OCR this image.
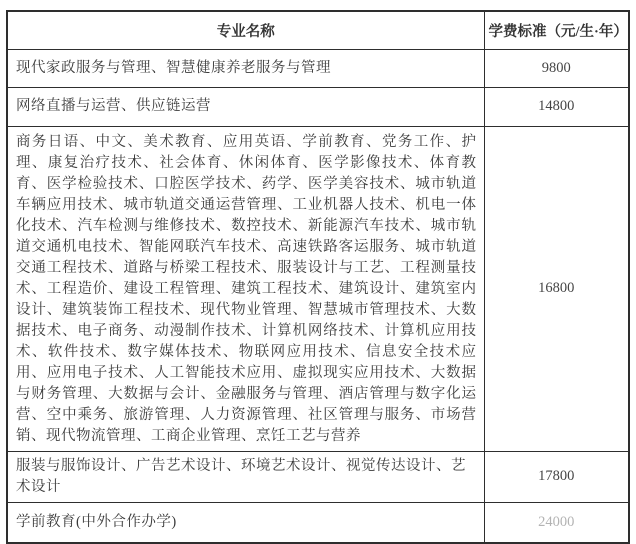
专业名称	学费标准（元/生·年）
现代家政服务与管理、智慧健康养老服务与管理	9800
网络直播与运营、供应链运营	14800
商务日语、中文、美术教育、应用英语、学前教育、党务工作、护理、康复治疗技术、社会体育、休闲体育、医学影像技术、体育教育、医学检验技术、口腔医学技术、药学、医学美容技术、城市轨道车辆应用技术、城市轨道交通运营管理、工业机器人技术、机电一体化技术、汽车检测与维修技术、数控技术、新能源汽车技术、城市轨道交通机电技术、智能网联汽车技术、高速铁路客运服务、城市轨道交通工程技术、道路与桥梁工程技术、服装设计与工艺、工程测量技术、工程造价、建设工程管理、建筑工程技术、建筑设计、建筑室内设计、建筑装饰工程技术、现代物业管理、智慧城市管理技术、大数据技术、电子商务、动漫制作技术、计算机网络技术、计算机应用技术、软件技术、数字媒体技术、物联网应用技术、信息安全技术应用、应用电子技术、人工智能技术应用、虚拟现实应用技术、大数据与财务管理、大数据与会计、金融服务与管理、酒店管理与数字化运营、空中乘务、旅游管理、人力资源管理、社区管理与服务、市场营销、现代物流管理、工商企业管理、烹饪工艺与营养	16800
服装与服饰设计、广告艺术设计、环境艺术设计、视觉传达设计、艺术设计	17800
学前教育(中外合作办学)	24000
